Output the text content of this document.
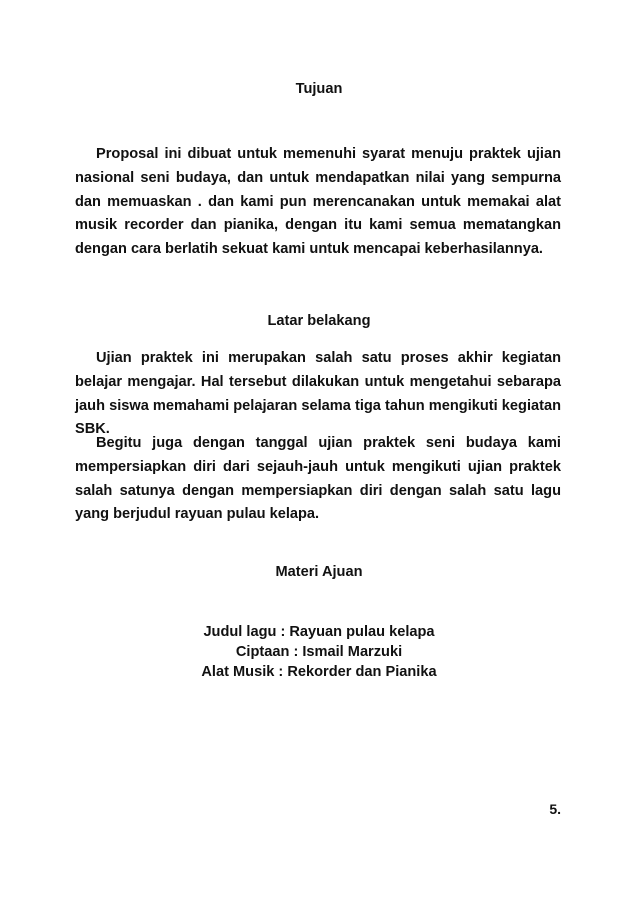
Tujuan
Proposal ini dibuat untuk memenuhi syarat menuju praktek ujian nasional seni budaya, dan untuk mendapatkan nilai yang sempurna dan memuaskan . dan kami pun merencanakan untuk memakai alat musik recorder dan pianika, dengan itu kami semua mematangkan dengan cara berlatih sekuat kami untuk mencapai keberhasilannya.
Latar belakang
Ujian praktek ini merupakan salah satu proses akhir kegiatan belajar mengajar. Hal tersebut dilakukan untuk mengetahui sebarapa jauh siswa memahami pelajaran selama tiga tahun mengikuti kegiatan SBK.
Begitu juga dengan tanggal ujian praktek seni budaya kami mempersiapkan diri dari sejauh-jauh untuk mengikuti ujian praktek salah satunya dengan mempersiapkan diri dengan salah satu lagu yang berjudul rayuan pulau kelapa.
Materi Ajuan
Judul lagu : Rayuan pulau kelapa
Ciptaan : Ismail Marzuki
Alat Musik : Rekorder dan Pianika
5.
